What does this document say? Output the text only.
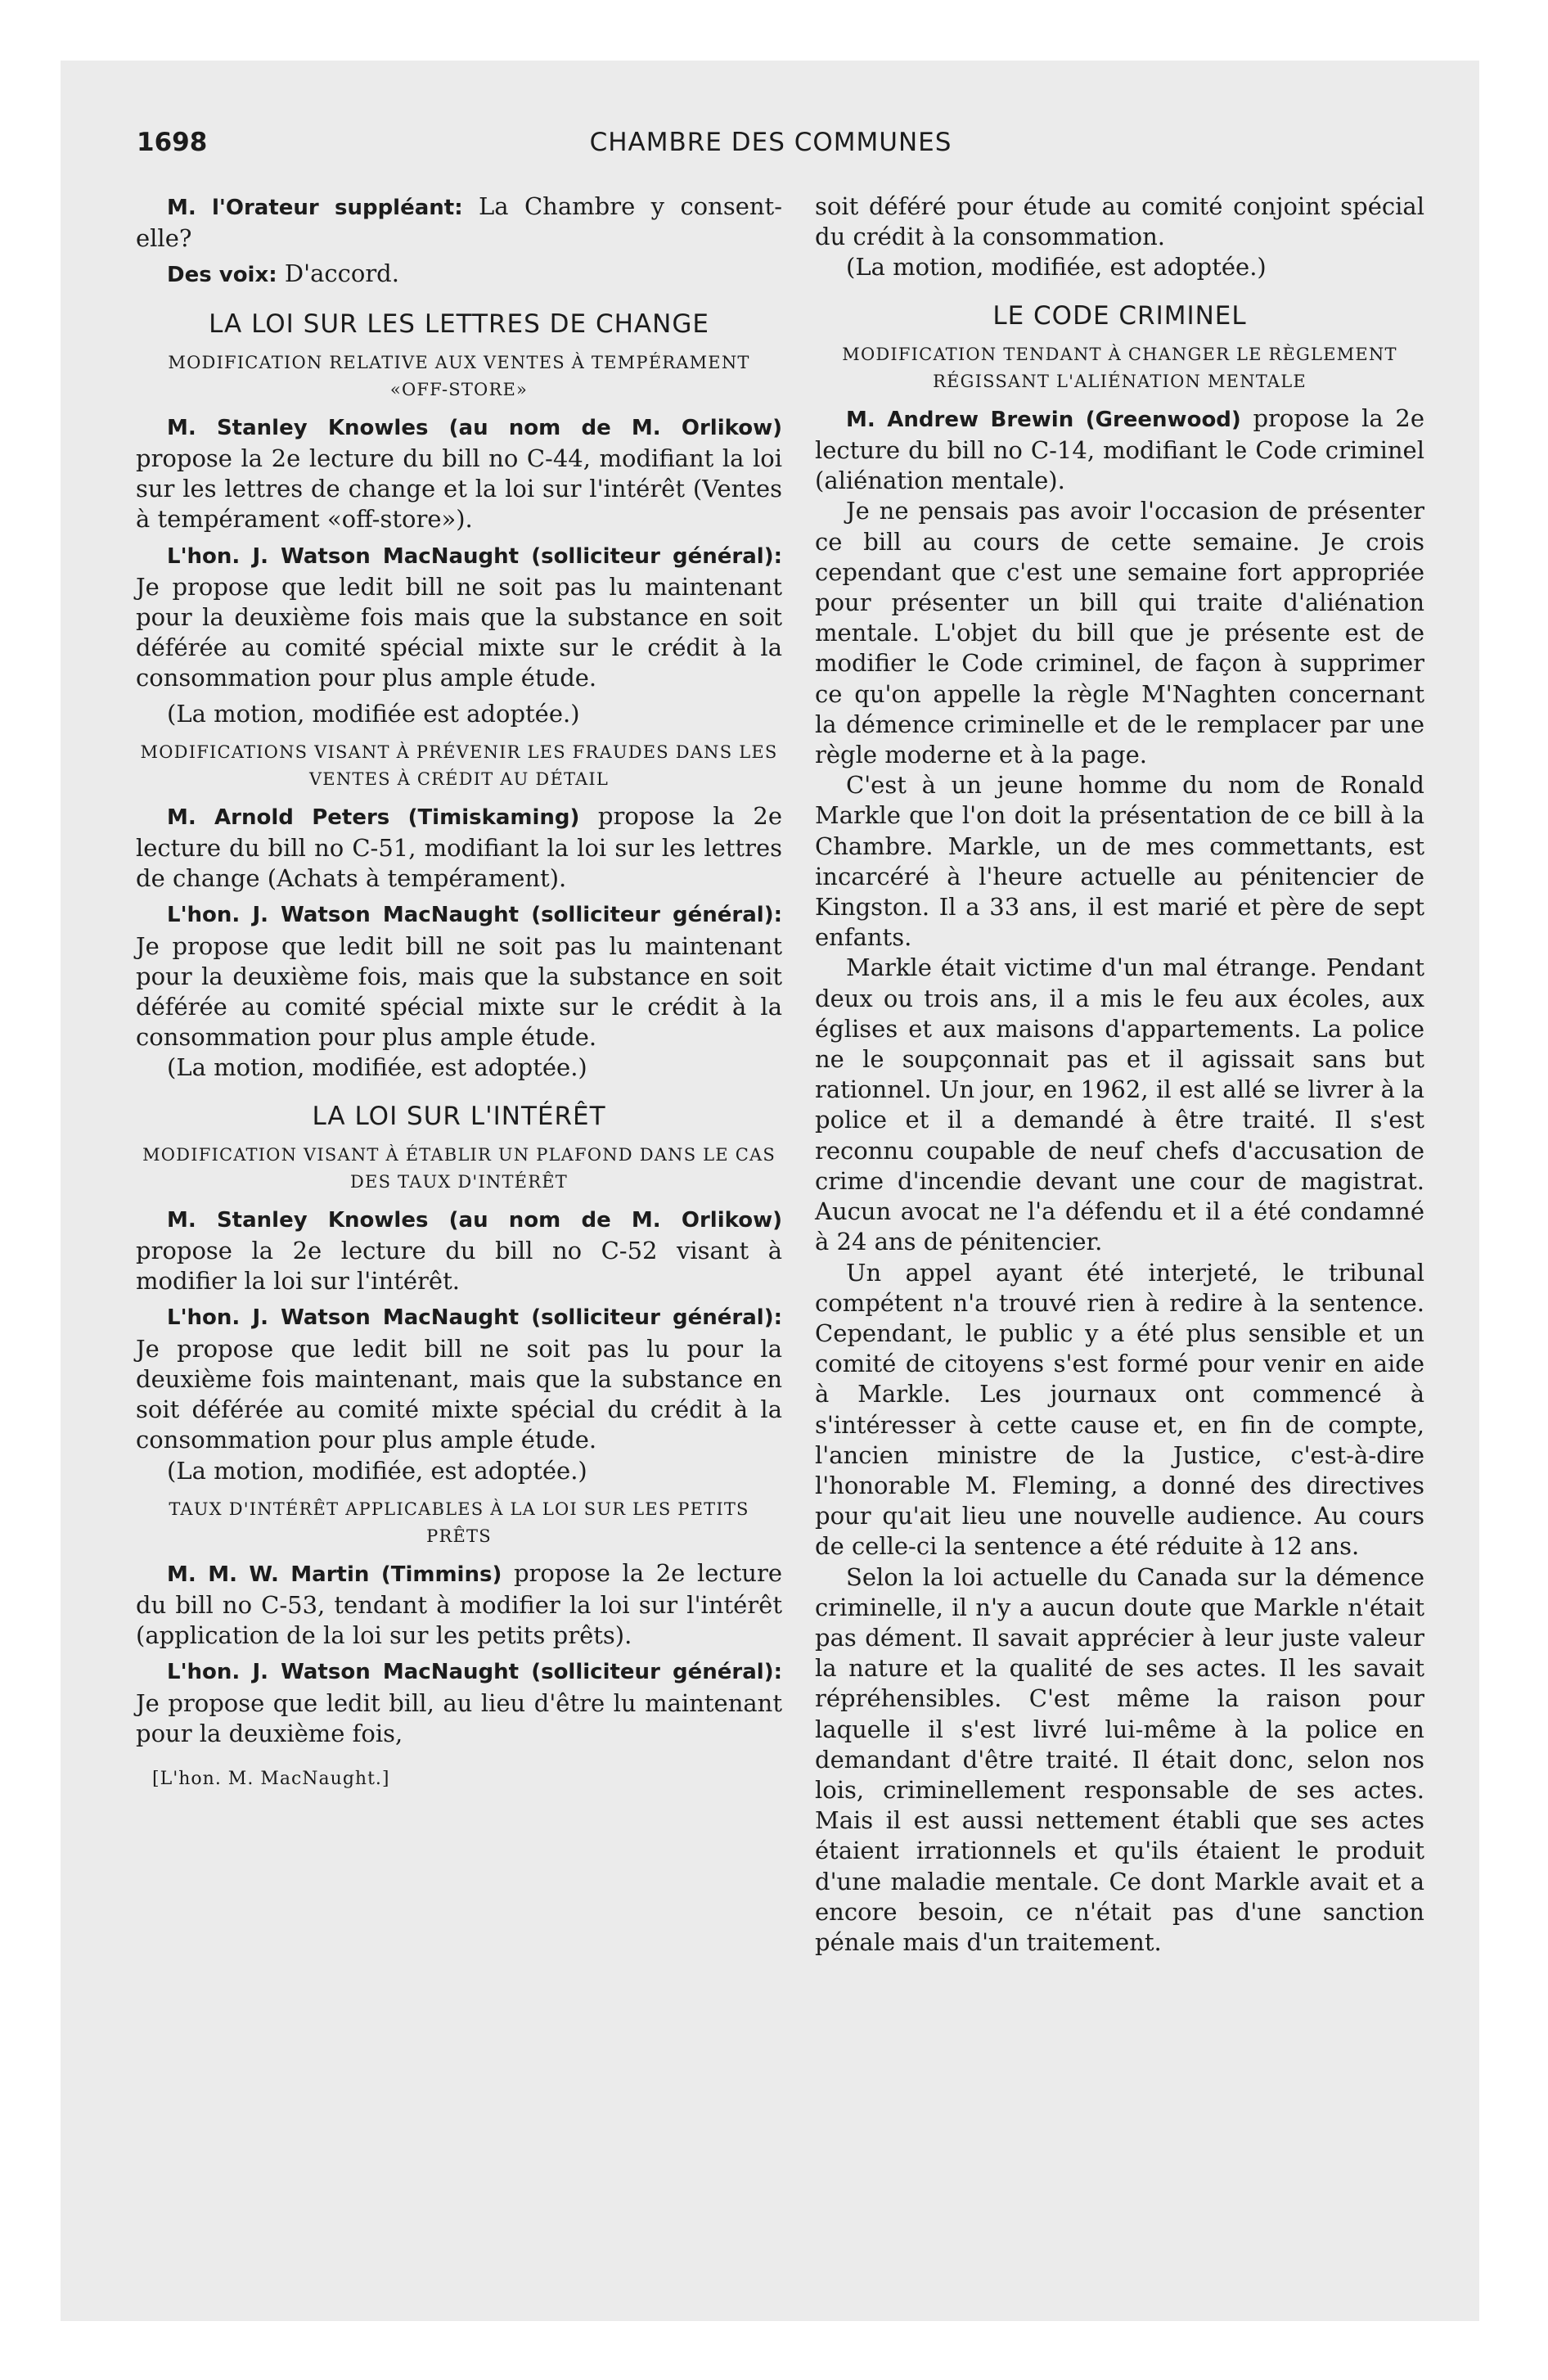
1698	CHAMBRE DES COMMUNES

M. l'Orateur suppléant: La Chambre y consent-elle?

Des voix: D'accord.

LA LOI SUR LES LETTRES DE CHANGE
MODIFICATION RELATIVE AUX VENTES À TEMPÉRAMENT «OFF-STORE»

M. Stanley Knowles (au nom de M. Orlikow) propose la 2e lecture du bill no C-44, modifiant la loi sur les lettres de change et la loi sur l'intérêt (Ventes à tempérament «off-store»).

L'hon. J. Watson MacNaught (solliciteur général): Je propose que ledit bill ne soit pas lu maintenant pour la deuxième fois mais que la substance en soit déférée au comité spécial mixte sur le crédit à la consommation pour plus ample étude.

(La motion, modifiée est adoptée.)

MODIFICATIONS VISANT À PRÉVENIR LES FRAUDES DANS LES VENTES À CRÉDIT AU DÉTAIL

M. Arnold Peters (Timiskaming) propose la 2e lecture du bill no C-51, modifiant la loi sur les lettres de change (Achats à tempérament).

L'hon. J. Watson MacNaught (solliciteur général): Je propose que ledit bill ne soit pas lu maintenant pour la deuxième fois, mais que la substance en soit déférée au comité spécial mixte sur le crédit à la consommation pour plus ample étude.

(La motion, modifiée, est adoptée.)

LA LOI SUR L'INTÉRÊT
MODIFICATION VISANT À ÉTABLIR UN PLAFOND DANS LE CAS DES TAUX D'INTÉRÊT

M. Stanley Knowles (au nom de M. Orlikow) propose la 2e lecture du bill no C-52 visant à modifier la loi sur l'intérêt.

L'hon. J. Watson MacNaught (solliciteur général): Je propose que ledit bill ne soit pas lu pour la deuxième fois maintenant, mais que la substance en soit déférée au comité mixte spécial du crédit à la consommation pour plus ample étude.

(La motion, modifiée, est adoptée.)

TAUX D'INTÉRÊT APPLICABLES À LA LOI SUR LES PETITS PRÊTS

M. M. W. Martin (Timmins) propose la 2e lecture du bill no C-53, tendant à modifier la loi sur l'intérêt (application de la loi sur les petits prêts).

L'hon. J. Watson MacNaught (solliciteur général): Je propose que ledit bill, au lieu d'être lu maintenant pour la deuxième fois,

[L'hon. M. MacNaught.]

soit déféré pour étude au comité conjoint spécial du crédit à la consommation.

(La motion, modifiée, est adoptée.)

LE CODE CRIMINEL
MODIFICATION TENDANT À CHANGER LE RÈGLEMENT RÉGISSANT L'ALIÉNATION MENTALE

M. Andrew Brewin (Greenwood) propose la 2e lecture du bill no C-14, modifiant le Code criminel (aliénation mentale).

Je ne pensais pas avoir l'occasion de présenter ce bill au cours de cette semaine. Je crois cependant que c'est une semaine fort appropriée pour présenter un bill qui traite d'aliénation mentale. L'objet du bill que je présente est de modifier le Code criminel, de façon à supprimer ce qu'on appelle la règle M'Naghten concernant la démence criminelle et de le remplacer par une règle moderne et à la page.

C'est à un jeune homme du nom de Ronald Markle que l'on doit la présentation de ce bill à la Chambre. Markle, un de mes commettants, est incarcéré à l'heure actuelle au pénitencier de Kingston. Il a 33 ans, il est marié et père de sept enfants.

Markle était victime d'un mal étrange. Pendant deux ou trois ans, il a mis le feu aux écoles, aux églises et aux maisons d'appartements. La police ne le soupçonnait pas et il agissait sans but rationnel. Un jour, en 1962, il est allé se livrer à la police et il a demandé à être traité. Il s'est reconnu coupable de neuf chefs d'accusation de crime d'incendie devant une cour de magistrat. Aucun avocat ne l'a défendu et il a été condamné à 24 ans de pénitencier.

Un appel ayant été interjeté, le tribunal compétent n'a trouvé rien à redire à la sentence. Cependant, le public y a été plus sensible et un comité de citoyens s'est formé pour venir en aide à Markle. Les journaux ont commencé à s'intéresser à cette cause et, en fin de compte, l'ancien ministre de la Justice, c'est-à-dire l'honorable M. Fleming, a donné des directives pour qu'ait lieu une nouvelle audience. Au cours de celle-ci la sentence a été réduite à 12 ans.

Selon la loi actuelle du Canada sur la démence criminelle, il n'y a aucun doute que Markle n'était pas dément. Il savait apprécier à leur juste valeur la nature et la qualité de ses actes. Il les savait répréhensibles. C'est même la raison pour laquelle il s'est livré lui-même à la police en demandant d'être traité. Il était donc, selon nos lois, criminellement responsable de ses actes. Mais il est aussi nettement établi que ses actes étaient irrationnels et qu'ils étaient le produit d'une maladie mentale. Ce dont Markle avait et a encore besoin, ce n'était pas d'une sanction pénale mais d'un traitement.
